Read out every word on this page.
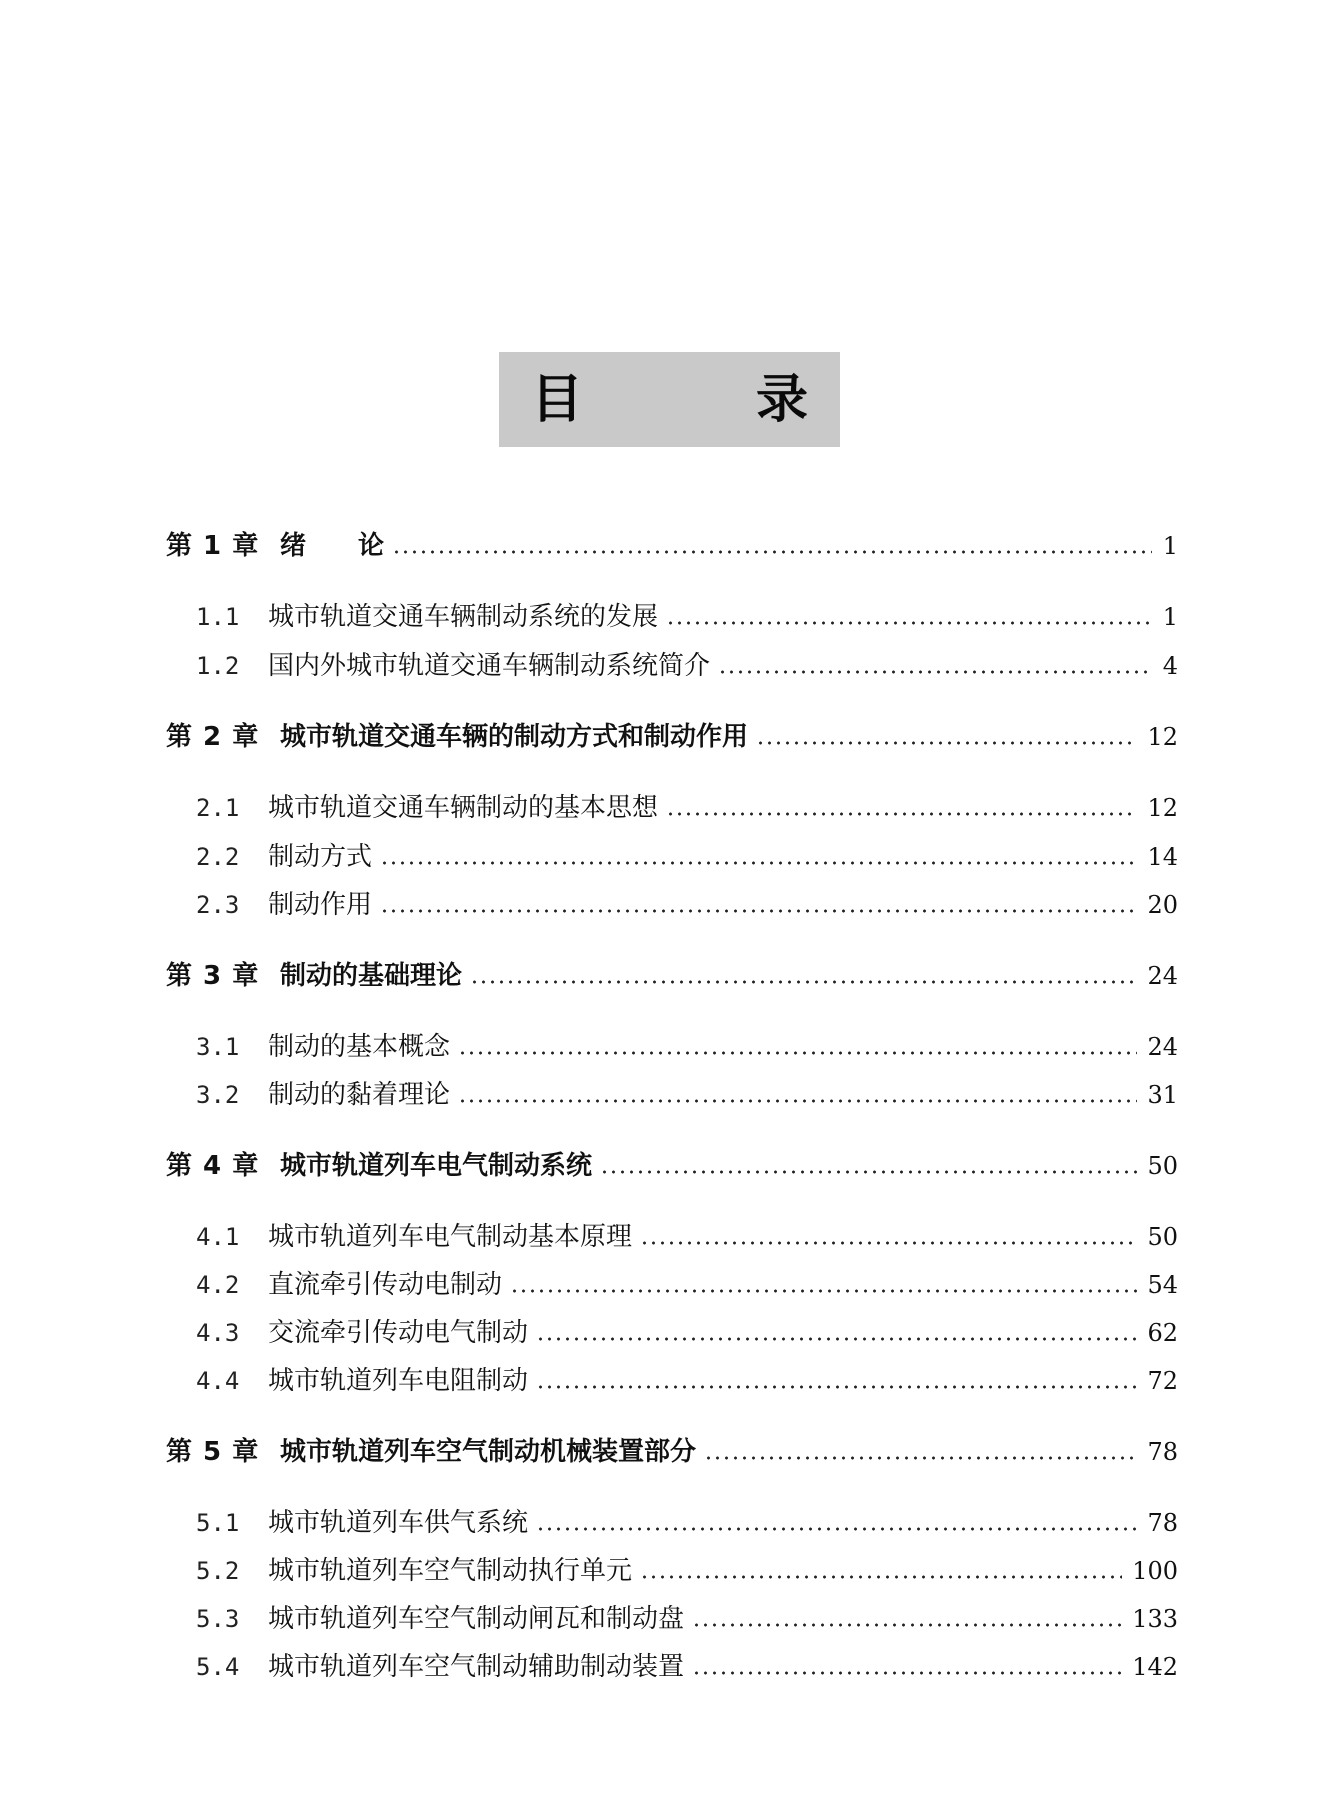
目	录
第 1 章 绪　　论	1
1.1	城市轨道交通车辆制动系统的发展	1
1.2	国内外城市轨道交通车辆制动系统简介	4
第 2 章 城市轨道交通车辆的制动方式和制动作用	12
2.1	城市轨道交通车辆制动的基本思想	12
2.2	制动方式	14
2.3	制动作用	20
第 3 章 制动的基础理论	24
3.1	制动的基本概念	24
3.2	制动的黏着理论	31
第 4 章 城市轨道列车电气制动系统	50
4.1	城市轨道列车电气制动基本原理	50
4.2	直流牵引传动电制动	54
4.3	交流牵引传动电气制动	62
4.4	城市轨道列车电阻制动	72
第 5 章 城市轨道列车空气制动机械装置部分	78
5.1	城市轨道列车供气系统	78
5.2	城市轨道列车空气制动执行单元	100
5.3	城市轨道列车空气制动闸瓦和制动盘	133
5.4	城市轨道列车空气制动辅助制动装置	142
